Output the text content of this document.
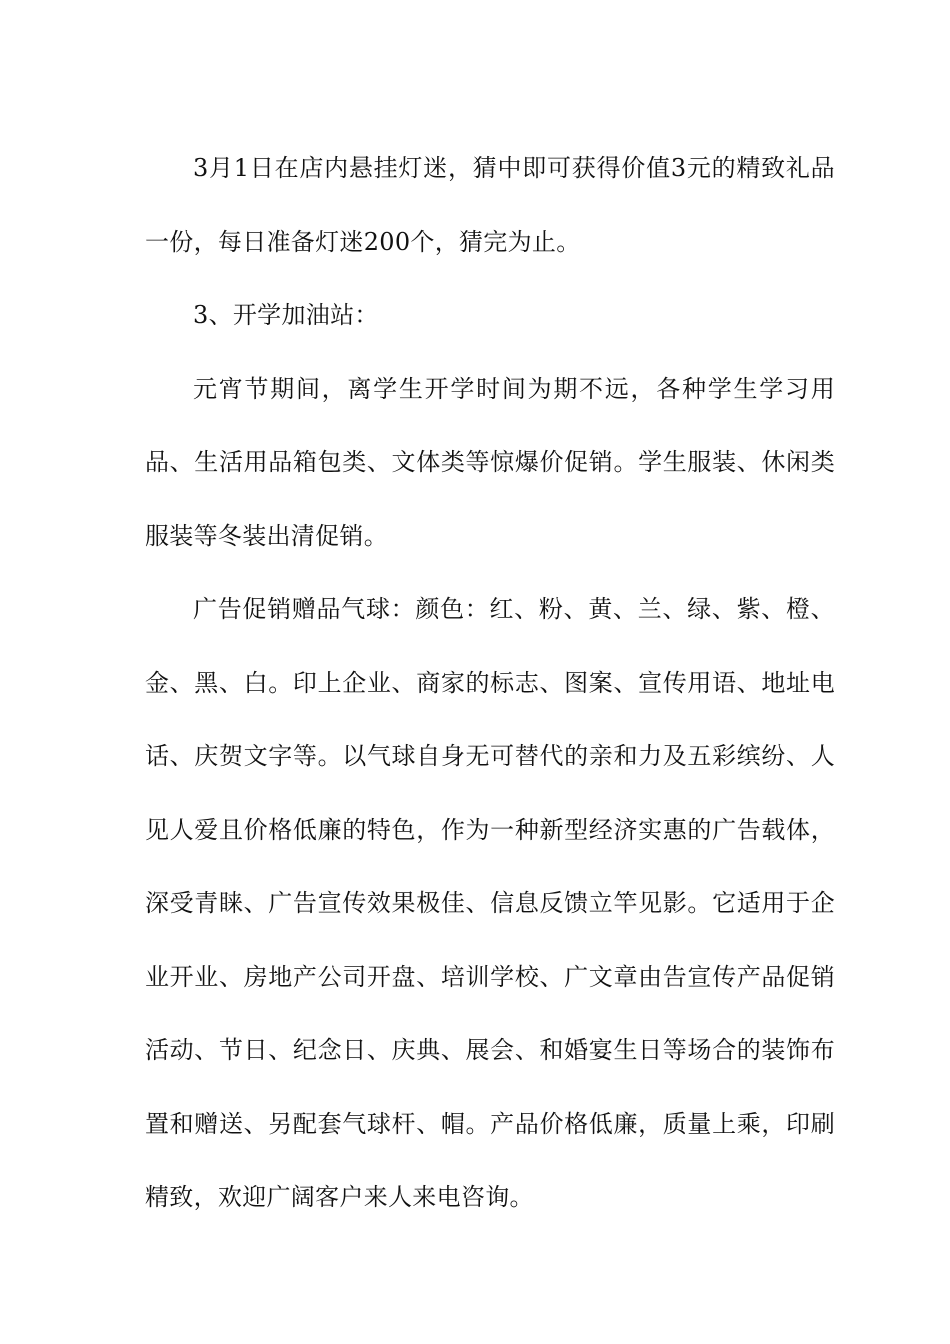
3月1日在店内悬挂灯迷，猜中即可获得价值3元的精致礼品一份，每日准备灯迷200个，猜完为止。

3、开学加油站：

元宵节期间，离学生开学时间为期不远，各种学生学习用品、生活用品箱包类、文体类等惊爆价促销。学生服装、休闲类服装等冬装出清促销。

广告促销赠品气球：颜色：红、粉、黄、兰、绿、紫、橙、金、黑、白。印上企业、商家的标志、图案、宣传用语、地址电话、庆贺文字等。以气球自身无可替代的亲和力及五彩缤纷、人见人爱且价格低廉的特色，作为一种新型经济实惠的广告载体，深受青睐、广告宣传效果极佳、信息反馈立竿见影。它适用于企业开业、房地产公司开盘、培训学校、广文章由告宣传产品促销活动、节日、纪念日、庆典、展会、和婚宴生日等场合的装饰布置和赠送、另配套气球杆、帽。产品价格低廉，质量上乘，印刷精致，欢迎广阔客户来人来电咨询。
